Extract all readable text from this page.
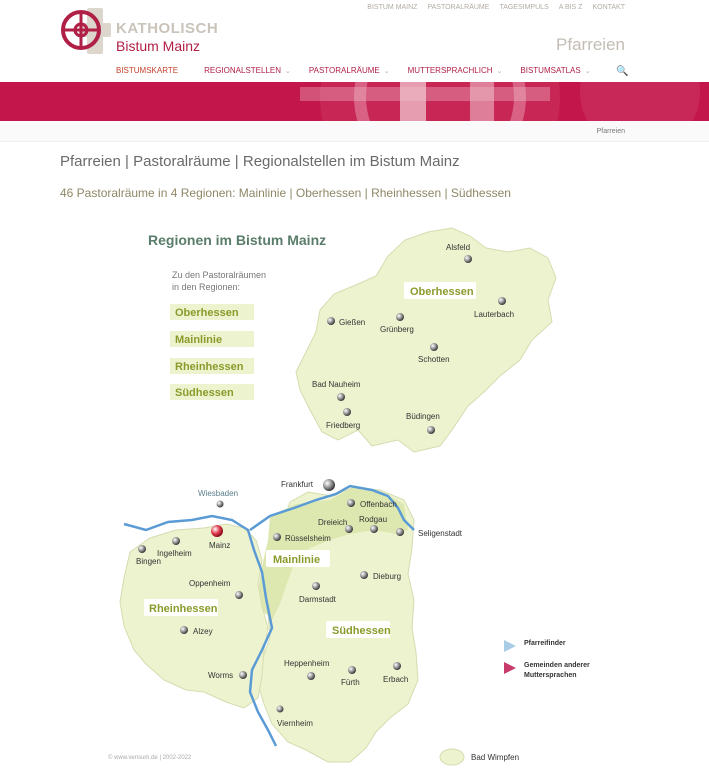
KATHOLISCH
Bistum Mainz
BISTUM MAINZ PASTORALRÄUME TAGESIMPULS A BIS Z KONTAKT
Pfarreien
BISTUMSKARTE	REGIONALSTELLEN ⌄ PASTORALRÄUME ⌄ MUTTERSPRACHLICH ⌄ BISTUMSATLAS ⌄	🔍
Pfarreien
Pfarreien | Pastoralräume | Regionalstellen im Bistum Mainz
46 Pastoralräume in 4 Regionen: Mainlinie | Oberhessen | Rheinhessen | Südhessen
Regionen im Bistum Mainz
Zu den Pastoralräumen
in den Regionen:
Oberhessen
Mainlinie
Rheinhessen
Südhessen
Oberhessen
Mainlinie
Rheinhessen
Südhessen
Alsfeld
Lauterbach
Gießen
Grünberg
Schotten
Bad Nauheim
Friedberg
Büdingen
Frankfurt
Wiesbaden
Offenbach
Dreieich Rodgau
Seligenstadt
Mainz
Ingelheim
Bingen
Rüsselsheim
Dieburg
Oppenheim
Darmstadt
Alzey
Worms
Heppenheim
Fürth	Erbach
Viernheim
Bad Wimpfen
Pfarreifinder
Gemeinden anderer Muttersprachen
© www.vensum.de | 2002-2022
